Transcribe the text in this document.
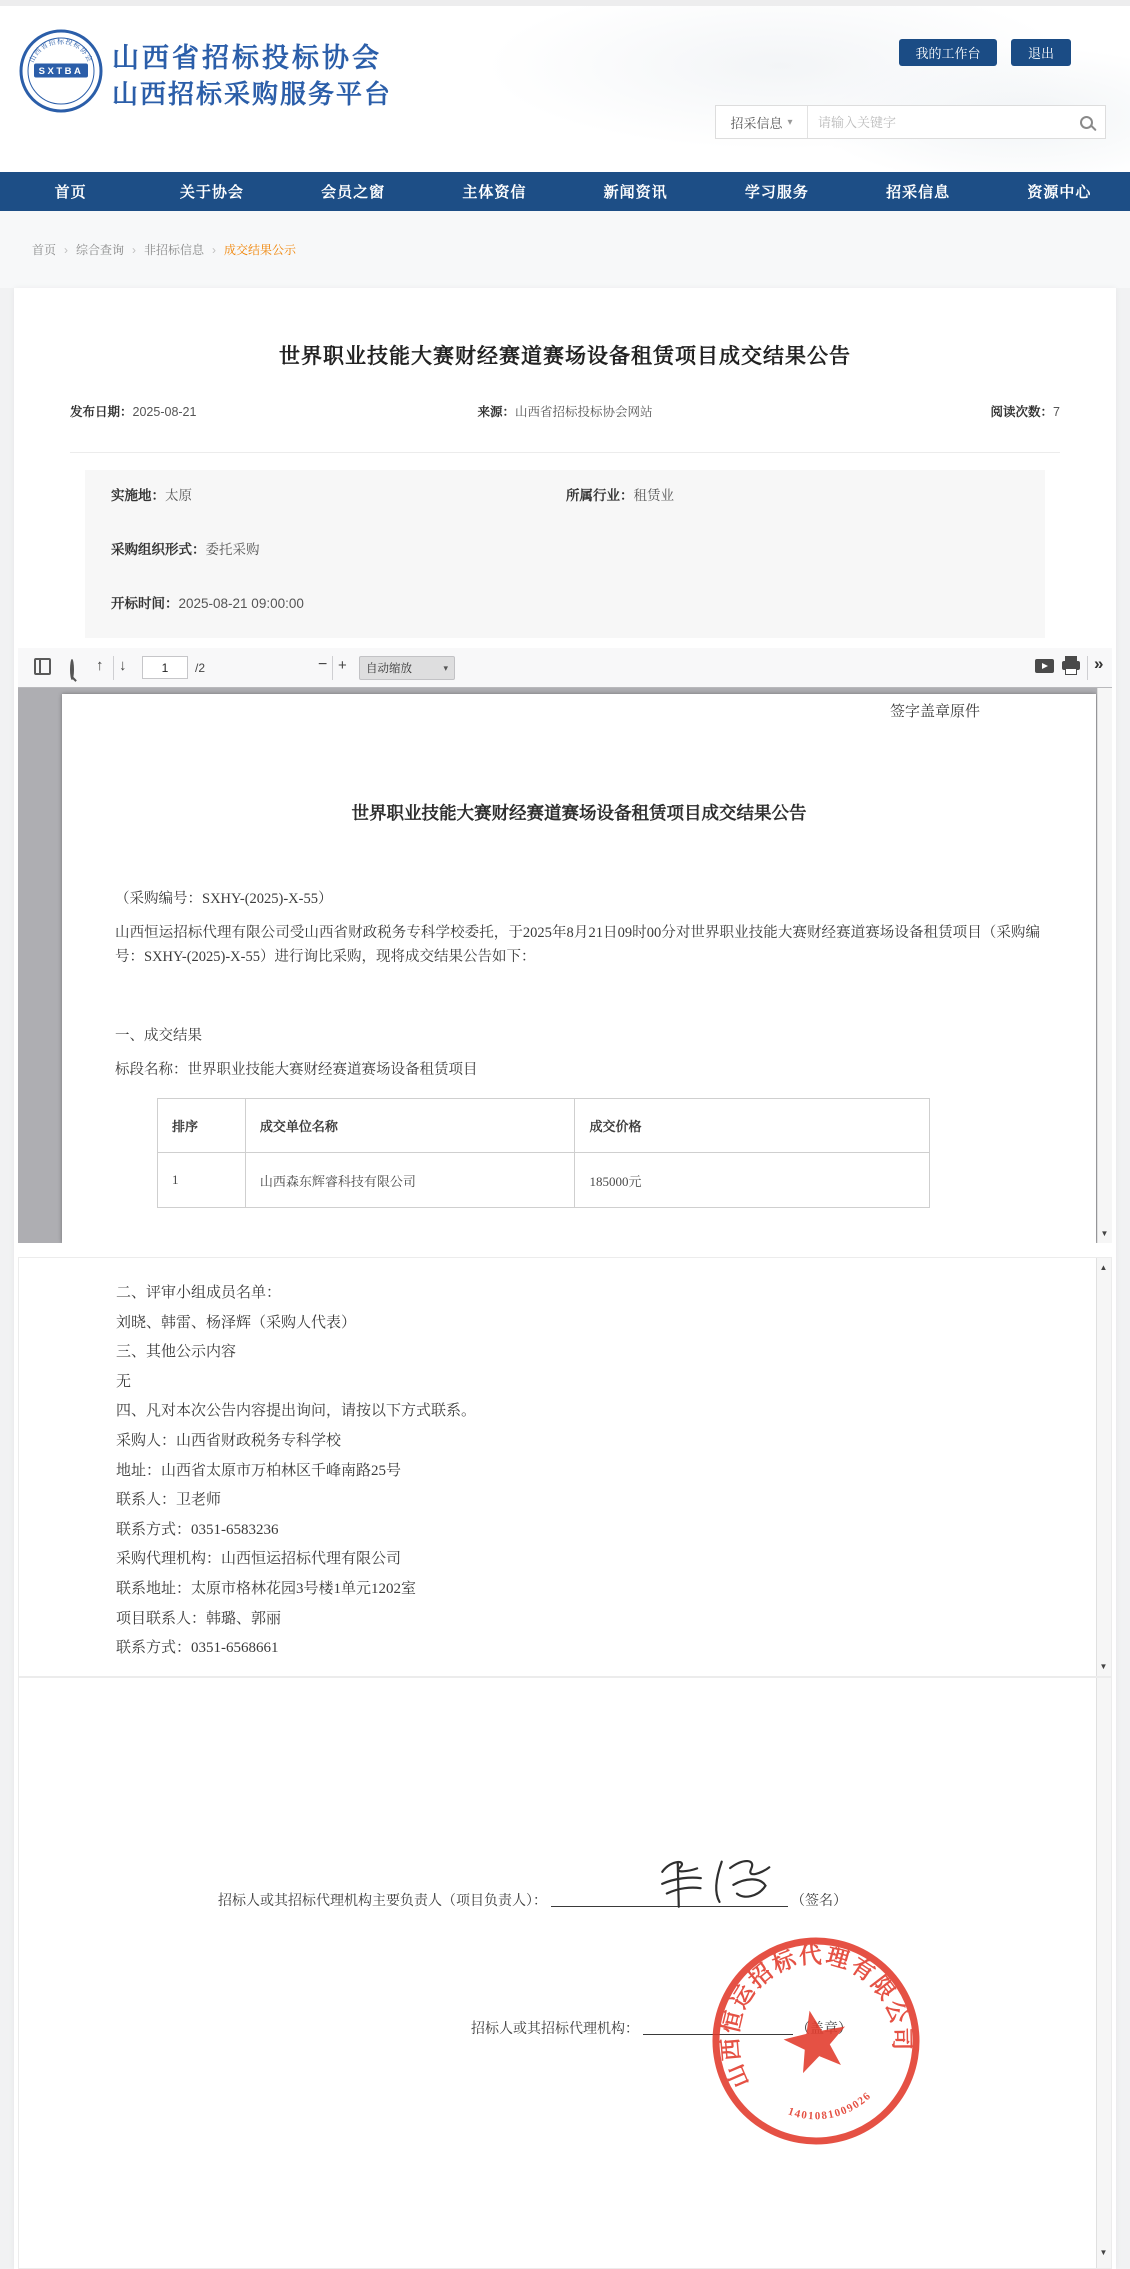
山西省招标投标协会
SXTBA 山西省招标投标协会
山西招标采购服务平台
我的工作台	退出
招采信息 ▾
请输入关键字
首页	关于协会	会员之窗	主体资信	新闻资讯	学习服务	招采信息	资源中心
首页 › 综合查询 › 非招标信息 › 成交结果公示
世界职业技能大赛财经赛道赛场设备租赁项目成交结果公告
发布日期：2025-08-21	来源：山西省招标投标协会网站	阅读次数：7
实施地：太原	所属行业：租赁业
采购组织形式：委托采购
开标时间：2025-08-21 09:00:00
↑ ↓
1	/2	− + 自动缩放	▾	»
签字盖章原件
世界职业技能大赛财经赛道赛场设备租赁项目成交结果公告
（采购编号：SXHY-(2025)-X-55）
山西恒运招标代理有限公司受山西省财政税务专科学校委托，于2025年8月21日09时00分对世界职业技能大赛财经赛道赛场设备租赁项目（采购编号：SXHY-(2025)-X-55）进行询比采购，现将成交结果公告如下：
一、成交结果
标段名称：世界职业技能大赛财经赛道赛场设备租赁项目
排序	成交单位名称	成交价格
1	山西森东辉睿科技有限公司	185000元
▼

二、评审小组成员名单：

刘晓、韩雷、杨泽辉（采购人代表）

三、其他公示内容

无

四、凡对本次公告内容提出询问，请按以下方式联系。

采购人：山西省财政税务专科学校

地址：山西省太原市万柏林区千峰南路25号

联系人：卫老师

联系方式：0351-6583236

采购代理机构：山西恒运招标代理有限公司

联系地址：太原市格林花园3号楼1单元1202室

项目联系人：韩璐、郭丽

联系方式：0351-6568661

▲
▼
招标人或其招标代理机构主要负责人（项目负责人）：	（签名）
招标人或其招标代理机构：	（盖章）
山西恒运招标代理有限公司
1401081009026
▼
